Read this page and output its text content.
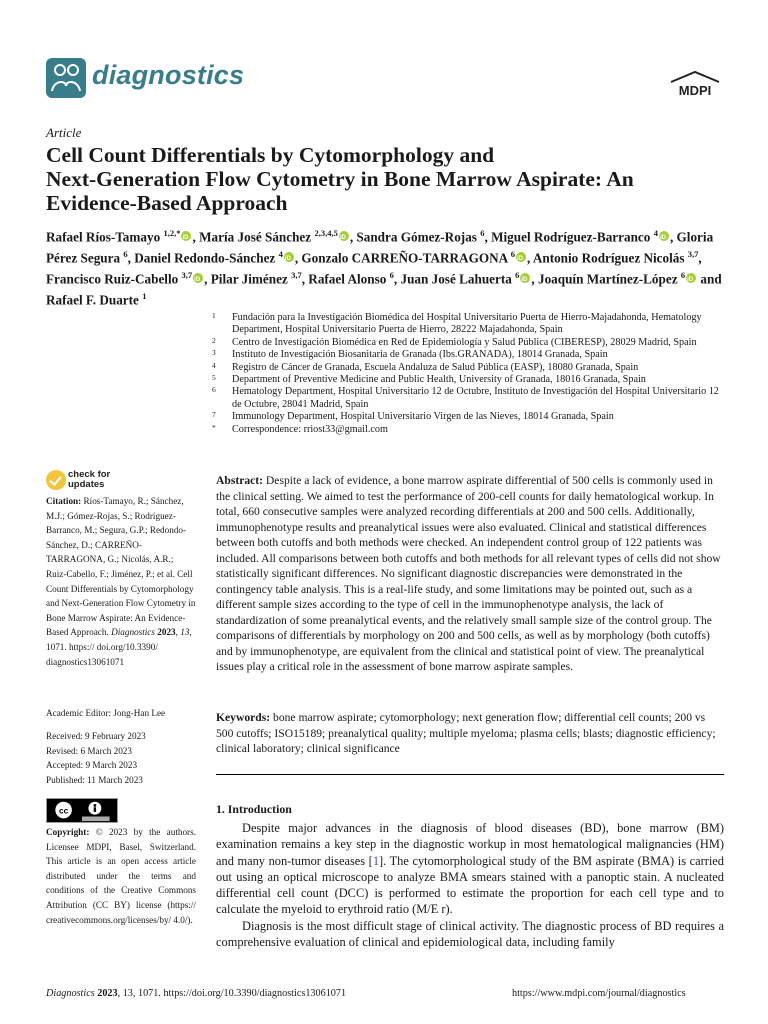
diagnostics
MDPI
Article
Cell Count Differentials by Cytomorphology and
Next-Generation Flow Cytometry in Bone Marrow Aspirate: An
Evidence-Based Approach

Rafael Ríos-Tamayo $^{1,2,*}$ iD , María José Sánchez $^{2,3,4,5}$ iD , Sandra Gómez-Rojas $^6$, Miguel Rodríguez-Barranco $^4$ iD , Gloria Pérez Segura $^6$, Daniel Redondo-Sánchez $^4$ iD , Gonzalo CARREÑO-TARRAGONA $^6$ iD , Antonio Rodríguez Nicolás $^{3,7}$, Francisco Ruiz-Cabello $^{3,7}$ iD , Pilar Jiménez $^{3,7}$, Rafael Alonso $^6$, Juan José Lahuerta $^6$iD , Joaquín Martínez-López $^6$iD and Rafael F. Duarte $^1$

1 Fundación para la Investigación Biomédica del Hospital Universitario Puerta de Hierro-Majadahonda, Hematology Department, Hospital Universitario Puerta de Hierro, 28222 Majadahonda, Spain
2 Centro de Investigación Biomédica en Red de Epidemiología y Salud Pública (CIBERESP), 28029 Madrid, Spain
3 Instituto de Investigación Biosanitaria de Granada (Ibs.GRANADA), 18014 Granada, Spain
4 Registro de Cáncer de Granada, Escuela Andaluza de Salud Pública (EASP), 18080 Granada, Spain
5 Department of Preventive Medicine and Public Health, University of Granada, 18016 Granada, Spain
6 Hematology Department, Hospital Universitario 12 de Octubre, Instituto de Investigación del Hospital Universitario 12 de Octubre, 28041 Madrid, Spain
7 Immunology Department, Hospital Universitario Virgen de las Nieves, 18014 Granada, Spain
* Correspondence: rriost33@gmail.com
check for
updates

Citation: Ríos-Tamayo, R.; Sánchez, M.J.; Gómez-Rojas, S.; Rodríguez-Barranco, M.; Segura, G.P.; Redondo-Sánchez, D.; CARREÑO-TARRAGONA, G.; Nicolás, A.R.; Ruiz-Cabello, F.; Jiménez, P.; et al. Cell Count Differentials by Cytomorphology and Next-Generation Flow Cytometry in Bone Marrow Aspirate: An Evidence-Based Approach. Diagnostics 2023, 13, 1071. https:// doi.org/10.3390/ diagnostics13061071

Academic Editor: Jong-Han Lee

Received: 9 February 2023
Revised: 6 March 2023
Accepted: 9 March 2023
Published: 11 March 2023

cc

Copyright: © 2023 by the authors. Licensee MDPI, Basel, Switzerland. This article is an open access article distributed under the terms and conditions of the Creative Commons Attribution (CC BY) license (https:// creativecommons.org/licenses/by/ 4.0/).

Abstract: Despite a lack of evidence, a bone marrow aspirate differential of 500 cells is commonly used in the clinical setting. We aimed to test the performance of 200-cell counts for daily hematological workup. In total, 660 consecutive samples were analyzed recording differentials at 200 and 500 cells. Additionally, immunophenotype results and preanalytical issues were also evaluated. Clinical and statistical differences between both cutoffs and both methods were checked. An independent control group of 122 patients was included. All comparisons between both cutoffs and both methods for all relevant types of cells did not show statistically significant differences. No significant diagnostic discrepancies were demonstrated in the contingency table analysis. This is a real-life study, and some limitations may be pointed out, such as a different sample sizes according to the type of cell in the immunophenotype analysis, the lack of standardization of some preanalytical events, and the relatively small sample size of the control group. The comparisons of differentials by morphology on 200 and 500 cells, as well as by morphology (both cutoffs) and by immunophenotype, are equivalent from the clinical and statistical point of view. The preanalytical issues play a critical role in the assessment of bone marrow aspirate samples.

Keywords: bone marrow aspirate; cytomorphology; next generation flow; differential cell counts; 200 vs 500 cutoffs; ISO15189; preanalytical quality; multiple myeloma; plasma cells; blasts; diagnostic efficiency; clinical laboratory; clinical significance

1. Introduction

Despite major advances in the diagnosis of blood diseases (BD), bone marrow (BM) examination remains a key step in the diagnostic workup in most hematological malignancies (HM) and many non-tumor diseases [1]. The cytomorphological study of the BM aspirate (BMA) is carried out using an optical microscope to analyze BMA smears stained with a panoptic stain. A nucleated differential cell count (DCC) is performed to estimate the proportion for each cell type and to calculate the myeloid to erythroid ratio (M/E r).
Diagnosis is the most difficult stage of clinical activity. The diagnostic process of BD requires a comprehensive evaluation of clinical and epidemiological data, including family

Diagnostics 2023, 13, 1071. https://doi.org/10.3390/diagnostics13061071	https://www.mdpi.com/journal/diagnostics
